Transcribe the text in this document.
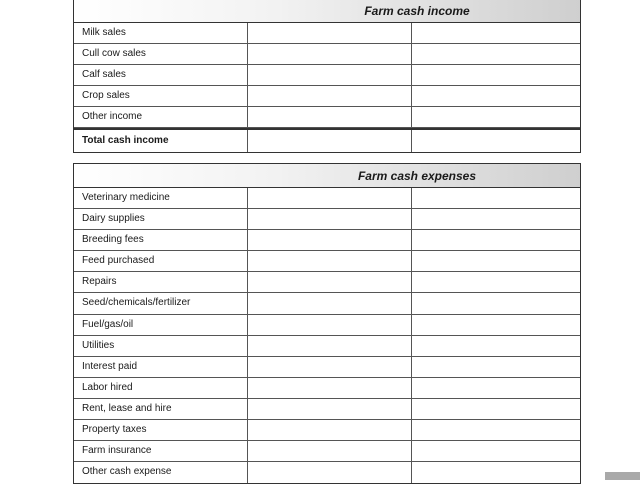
Farm cash income
Milk sales
Cull cow sales
Calf sales
Crop sales
Other income
Total cash income
Farm cash expenses
Veterinary medicine
Dairy supplies
Breeding fees
Feed purchased
Repairs
Seed/chemicals/fertilizer
Fuel/gas/oil
Utilities
Interest paid
Labor hired
Rent, lease and hire
Property taxes
Farm insurance
Other cash expense
